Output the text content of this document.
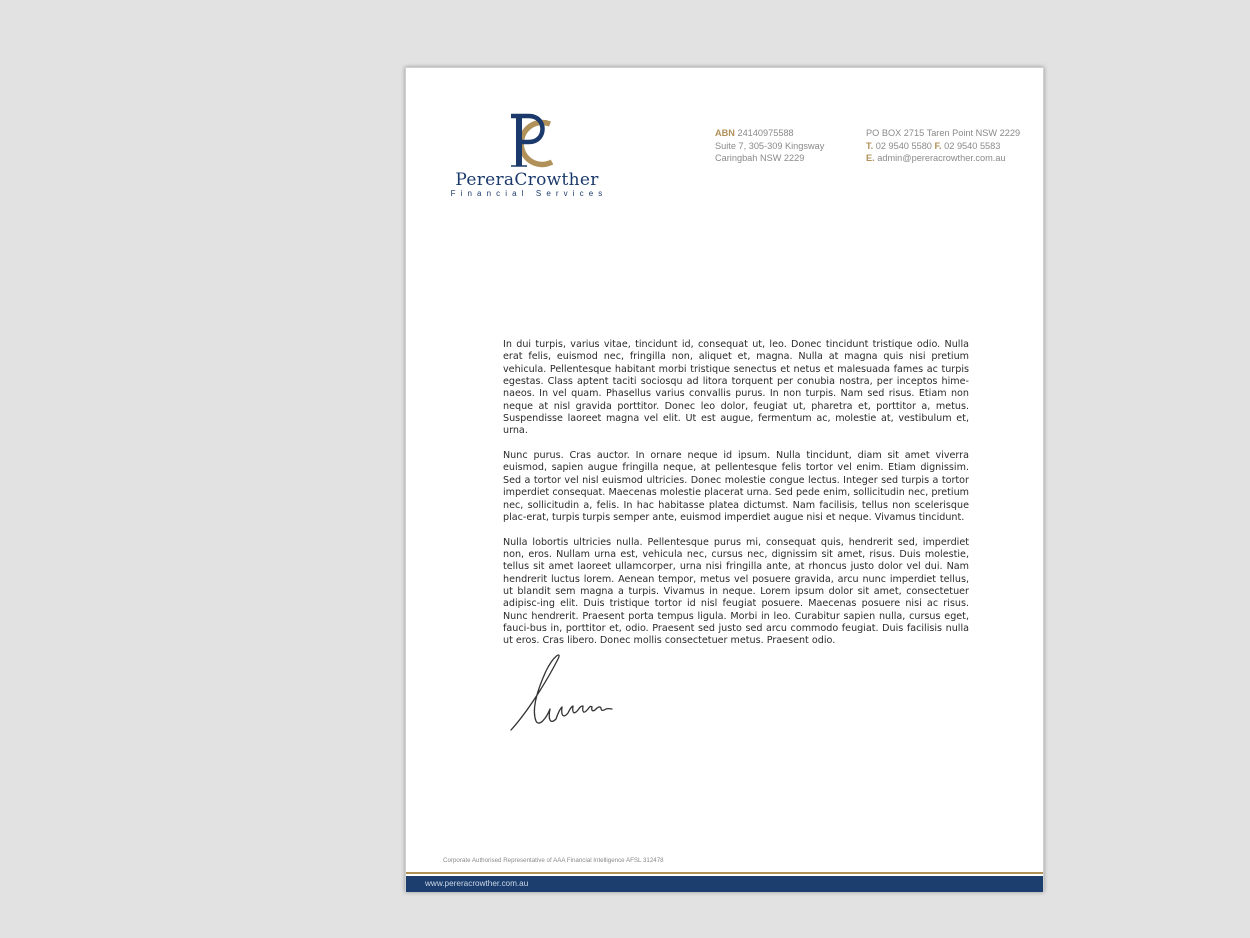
PereraCrowther
Financial Services
ABN 24140975588
Suite 7, 305-309 Kingsway
Caringbah NSW 2229
PO BOX 2715 Taren Point NSW 2229
T. 02 9540 5580 F. 02 9540 5583
E. admin@pereracrowther.com.au

In dui turpis, varius vitae, tincidunt id, consequat ut, leo. Donec tincidunt tristique odio. Nulla erat felis, euismod nec, fringilla non, aliquet et, magna. Nulla at magna quis nisi pretium vehicula. Pellentesque habitant morbi tristique senectus et netus et malesuada fames ac turpis egestas. Class aptent taciti sociosqu ad litora torquent per conubia nostra, per inceptos hime-naeos. In vel quam. Phasellus varius convallis purus. In non turpis. Nam sed risus. Etiam non neque at nisl gravida porttitor. Donec leo dolor, feugiat ut, pharetra et, porttitor a, metus. Suspendisse laoreet magna vel elit. Ut est augue, fermentum ac, molestie at, vestibulum et, urna.

Nunc purus. Cras auctor. In ornare neque id ipsum. Nulla tincidunt, diam sit amet viverra euismod, sapien augue fringilla neque, at pellentesque felis tortor vel enim. Etiam dignissim. Sed a tortor vel nisl euismod ultricies. Donec molestie congue lectus. Integer sed turpis a tortor imperdiet consequat. Maecenas molestie placerat urna. Sed pede enim, sollicitudin nec, pretium nec, sollicitudin a, felis. In hac habitasse platea dictumst. Nam facilisis, tellus non scelerisque plac-erat, turpis turpis semper ante, euismod imperdiet augue nisi et neque. Vivamus tincidunt.

Nulla lobortis ultricies nulla. Pellentesque purus mi, consequat quis, hendrerit sed, imperdiet non, eros. Nullam urna est, vehicula nec, cursus nec, dignissim sit amet, risus. Duis molestie, tellus sit amet laoreet ullamcorper, urna nisi fringilla ante, at rhoncus justo dolor vel dui. Nam hendrerit luctus lorem. Aenean tempor, metus vel posuere gravida, arcu nunc imperdiet tellus, ut blandit sem magna a turpis. Vivamus in neque. Lorem ipsum dolor sit amet, consectetuer adipisc-ing elit. Duis tristique tortor id nisl feugiat posuere. Maecenas posuere nisi ac risus. Nunc hendrerit. Praesent porta tempus ligula. Morbi in leo. Curabitur sapien nulla, cursus eget, fauci-bus in, porttitor et, odio. Praesent sed justo sed arcu commodo feugiat. Duis facilisis nulla ut eros. Cras libero. Donec mollis consectetuer metus. Praesent odio.

Corporate Authorised Representative of AAA Financial Intelligence AFSL 312478
www.pereracrowther.com.au
